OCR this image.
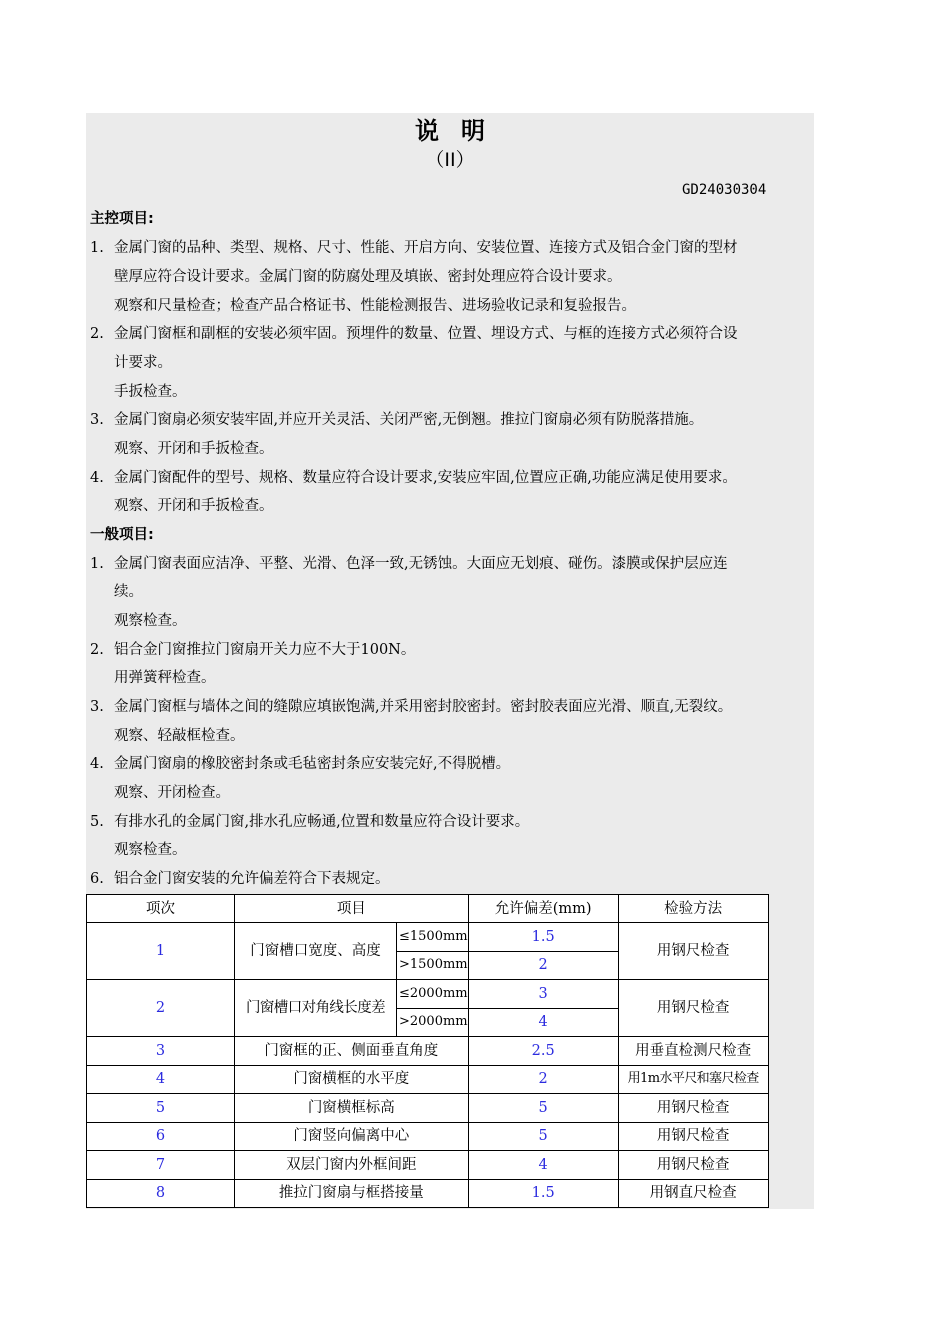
说明
（II）
GD24030304
主控项目:
1. 金属门窗的品种、类型、规格、尺寸、性能、开启方向、安装位置、连接方式及铝合金门窗的型材
壁厚应符合设计要求。金属门窗的防腐处理及填嵌、密封处理应符合设计要求。
观察和尺量检查；检查产品合格证书、性能检测报告、进场验收记录和复验报告。
2. 金属门窗框和副框的安装必须牢固。预埋件的数量、位置、埋设方式、与框的连接方式必须符合设
计要求。
手扳检查。
3. 金属门窗扇必须安装牢固,并应开关灵活、关闭严密,无倒翘。推拉门窗扇必须有防脱落措施。
观察、开闭和手扳检查。
4. 金属门窗配件的型号、规格、数量应符合设计要求,安装应牢固,位置应正确,功能应满足使用要求。
观察、开闭和手扳检查。
一般项目:
1. 金属门窗表面应洁净、平整、光滑、色泽一致,无锈蚀。大面应无划痕、碰伤。漆膜或保护层应连
续。
观察检查。
2. 铝合金门窗推拉门窗扇开关力应不大于100N。
用弹簧秤检查。
3. 金属门窗框与墙体之间的缝隙应填嵌饱满,并采用密封胶密封。密封胶表面应光滑、顺直,无裂纹。
观察、轻敲框检查。
4. 金属门窗扇的橡胶密封条或毛毡密封条应安装完好,不得脱槽。
观察、开闭检查。
5. 有排水孔的金属门窗,排水孔应畅通,位置和数量应符合设计要求。
观察检查。
6. 铝合金门窗安装的允许偏差符合下表规定。
项次	项目		允许偏差(mm)	检验方法
1	门窗槽口宽度、高度	≤1500mm	1.5	用钢尺检查
		>1500mm	2	
2	门窗槽口对角线长度差	≤2000mm	3	用钢尺检查
		>2000mm	4	
3	门窗框的正、侧面垂直角度		2.5	用垂直检测尺检查
4	门窗横框的水平度		2	用1m水平尺和塞尺检查
5	门窗横框标高		5	用钢尺检查
6	门窗竖向偏离中心		5	用钢尺检查
7	双层门窗内外框间距		4	用钢尺检查
8	推拉门窗扇与框搭接量		1.5	用钢直尺检查
